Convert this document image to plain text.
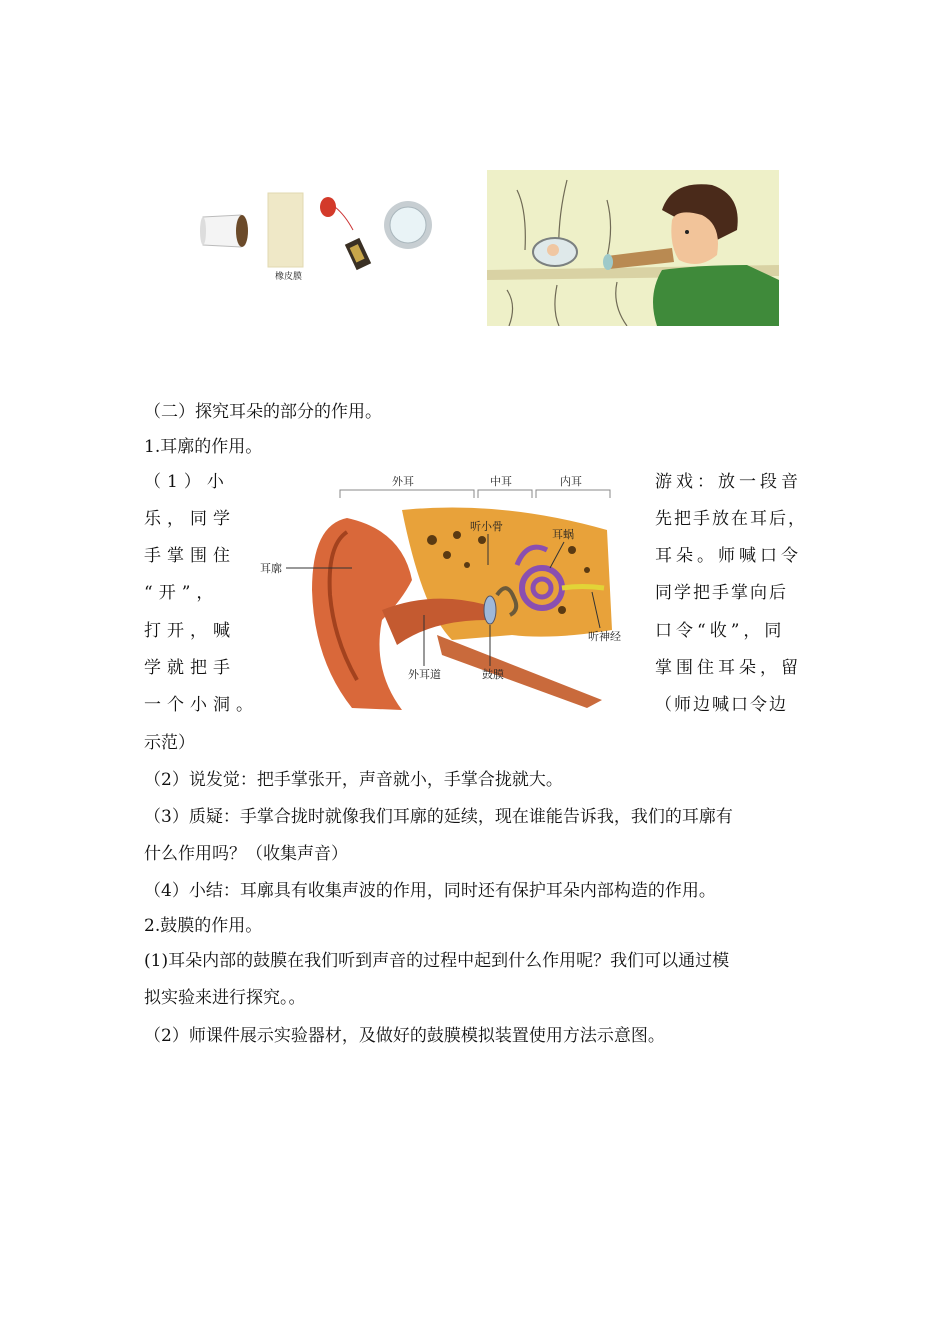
橡皮膜
（二）探究耳朵的部分的作用。
1.耳廓的作用。
（1）小
乐，同学
手掌围住
“开”，
打开，喊
学就把手
一个小洞。
游戏：放一段音
先把手放在耳后，
耳朵。师喊口令
同学把手掌向后
口令“收”，同
掌围住耳朵，留
（师边喊口令边
示范）
外耳	中耳	内耳
耳廓
听小骨
耳蜗
听神经
外耳道	鼓膜
（2）说发觉：把手掌张开，声音就小，手掌合拢就大。
（3）质疑：手掌合拢时就像我们耳廓的延续，现在谁能告诉我，我们的耳廓有
什么作用吗？（收集声音）
（4）小结：耳廓具有收集声波的作用，同时还有保护耳朵内部构造的作用。
2.鼓膜的作用。
(1)耳朵内部的鼓膜在我们听到声音的过程中起到什么作用呢？我们可以通过模
拟实验来进行探究。。
（2）师课件展示实验器材，及做好的鼓膜模拟装置使用方法示意图。
